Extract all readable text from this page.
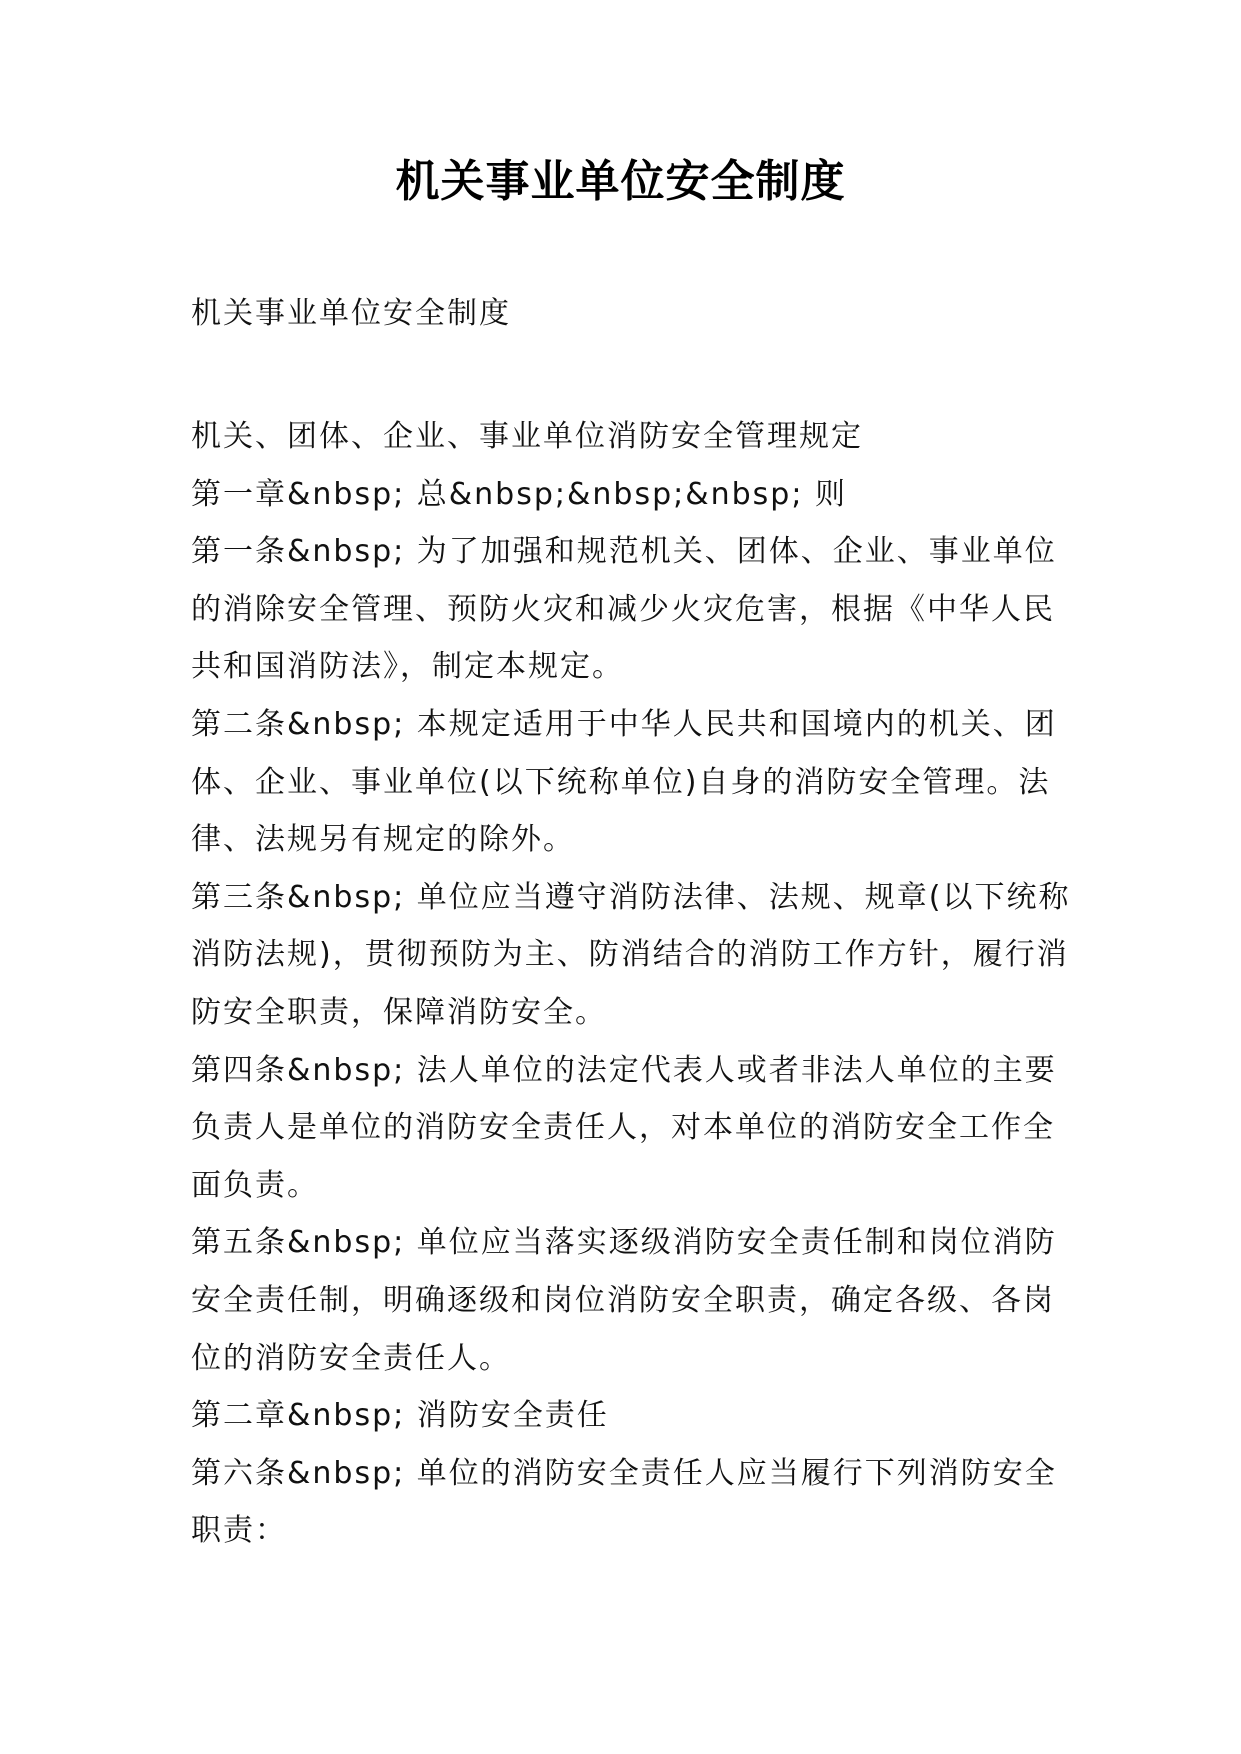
机关事业单位安全制度
机关事业单位安全制度

机关、团体、企业、事业单位消防安全管理规定

第一章&nbsp; 总&nbsp;&nbsp;&nbsp; 则

第一条&nbsp; 为了加强和规范机关、团体、企业、事业单位的消除安全管理、预防火灾和减少火灾危害，根据《中华人民共和国消防法》，制定本规定。

第二条&nbsp; 本规定适用于中华人民共和国境内的机关、团体、企业、事业单位(以下统称单位)自身的消防安全管理。法律、法规另有规定的除外。

第三条&nbsp; 单位应当遵守消防法律、法规、规章(以下统称消防法规)，贯彻预防为主、防消结合的消防工作方针，履行消防安全职责，保障消防安全。

第四条&nbsp; 法人单位的法定代表人或者非法人单位的主要负责人是单位的消防安全责任人，对本单位的消防安全工作全面负责。

第五条&nbsp; 单位应当落实逐级消防安全责任制和岗位消防安全责任制，明确逐级和岗位消防安全职责，确定各级、各岗位的消防安全责任人。

第二章&nbsp; 消防安全责任

第六条&nbsp; 单位的消防安全责任人应当履行下列消防安全职责：
